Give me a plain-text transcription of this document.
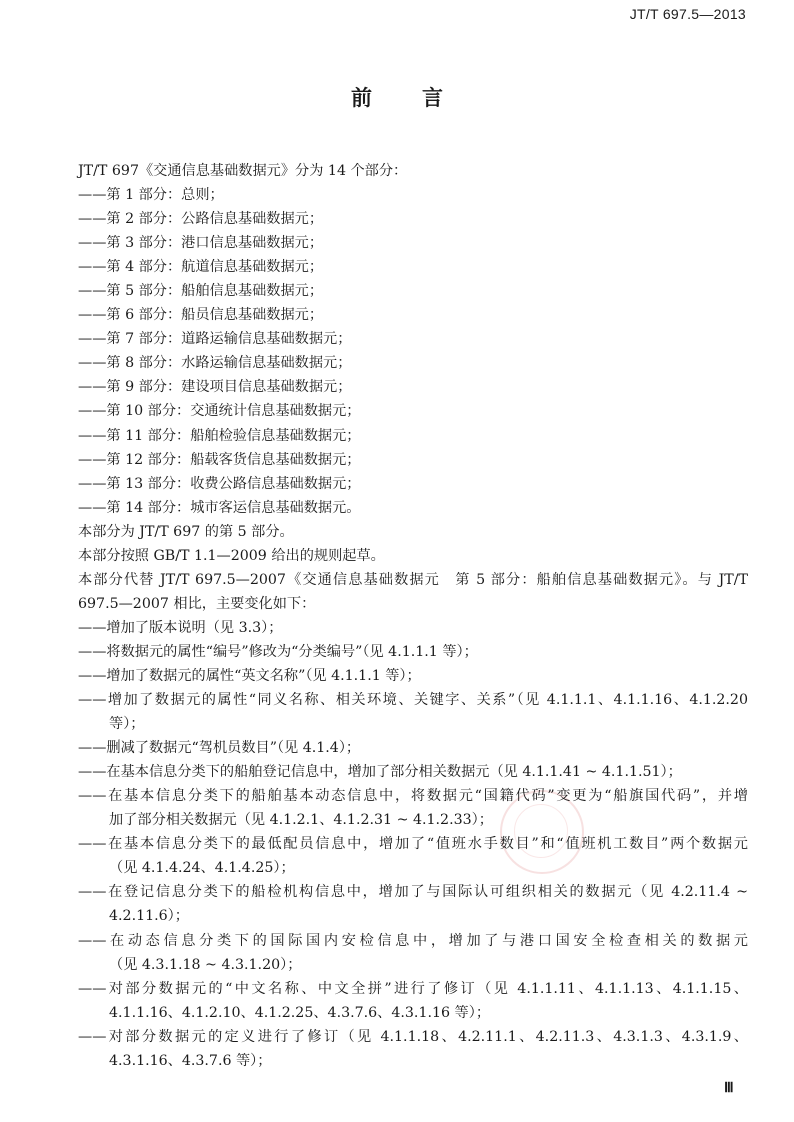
JT/T 697.5—2013
前 言
JT/T 697《交通信息基础数据元》分为 14 个部分：
——第 1 部分：总则；
——第 2 部分：公路信息基础数据元；
——第 3 部分：港口信息基础数据元；
——第 4 部分：航道信息基础数据元；
——第 5 部分：船舶信息基础数据元；
——第 6 部分：船员信息基础数据元；
——第 7 部分：道路运输信息基础数据元；
——第 8 部分：水路运输信息基础数据元；
——第 9 部分：建设项目信息基础数据元；
——第 10 部分：交通统计信息基础数据元；
——第 11 部分：船舶检验信息基础数据元；
——第 12 部分：船载客货信息基础数据元；
——第 13 部分：收费公路信息基础数据元；
——第 14 部分：城市客运信息基础数据元。
本部分为 JT/T 697 的第 5 部分。
本部分按照 GB/T 1.1—2009 给出的规则起草。
本部分代替 JT/T 697.5—2007《交通信息基础数据元　第 5 部分：船舶信息基础数据元》。与 JT/T
697.5—2007 相比，主要变化如下：
——增加了版本说明（见 3.3）；
——将数据元的属性“编号”修改为“分类编号”（见 4.1.1.1 等）；
——增加了数据元的属性“英文名称”（见 4.1.1.1 等）；
——增加了数据元的属性“同义名称、相关环境、关键字、关系”（见 4.1.1.1、4.1.1.16、4.1.2.20
等）；
——删减了数据元“驾机员数目”（见 4.1.4）；
——在基本信息分类下的船舶登记信息中，增加了部分相关数据元（见 4.1.1.41 ~ 4.1.1.51）；
——在基本信息分类下的船舶基本动态信息中，将数据元“国籍代码”变更为“船旗国代码”，并增
加了部分相关数据元（见 4.1.2.1、4.1.2.31 ~ 4.1.2.33）；
——在基本信息分类下的最低配员信息中，增加了“值班水手数目”和“值班机工数目”两个数据元
（见 4.1.4.24、4.1.4.25）；
——在登记信息分类下的船检机构信息中，增加了与国际认可组织相关的数据元（见 4.2.11.4 ~
4.2.11.6）；
——在动态信息分类下的国际国内安检信息中，增加了与港口国安全检查相关的数据元
（见 4.3.1.18 ~ 4.3.1.20）；
——对部分数据元的“中文名称、中文全拼”进行了修订（见 4.1.1.11、4.1.1.13、4.1.1.15、
4.1.1.16、4.1.2.10、4.1.2.25、4.3.7.6、4.3.1.16 等）；
——对部分数据元的定义进行了修订（见 4.1.1.18、4.2.11.1、4.2.11.3、4.3.1.3、4.3.1.9、
4.3.1.16、4.3.7.6 等）；
Ⅲ
